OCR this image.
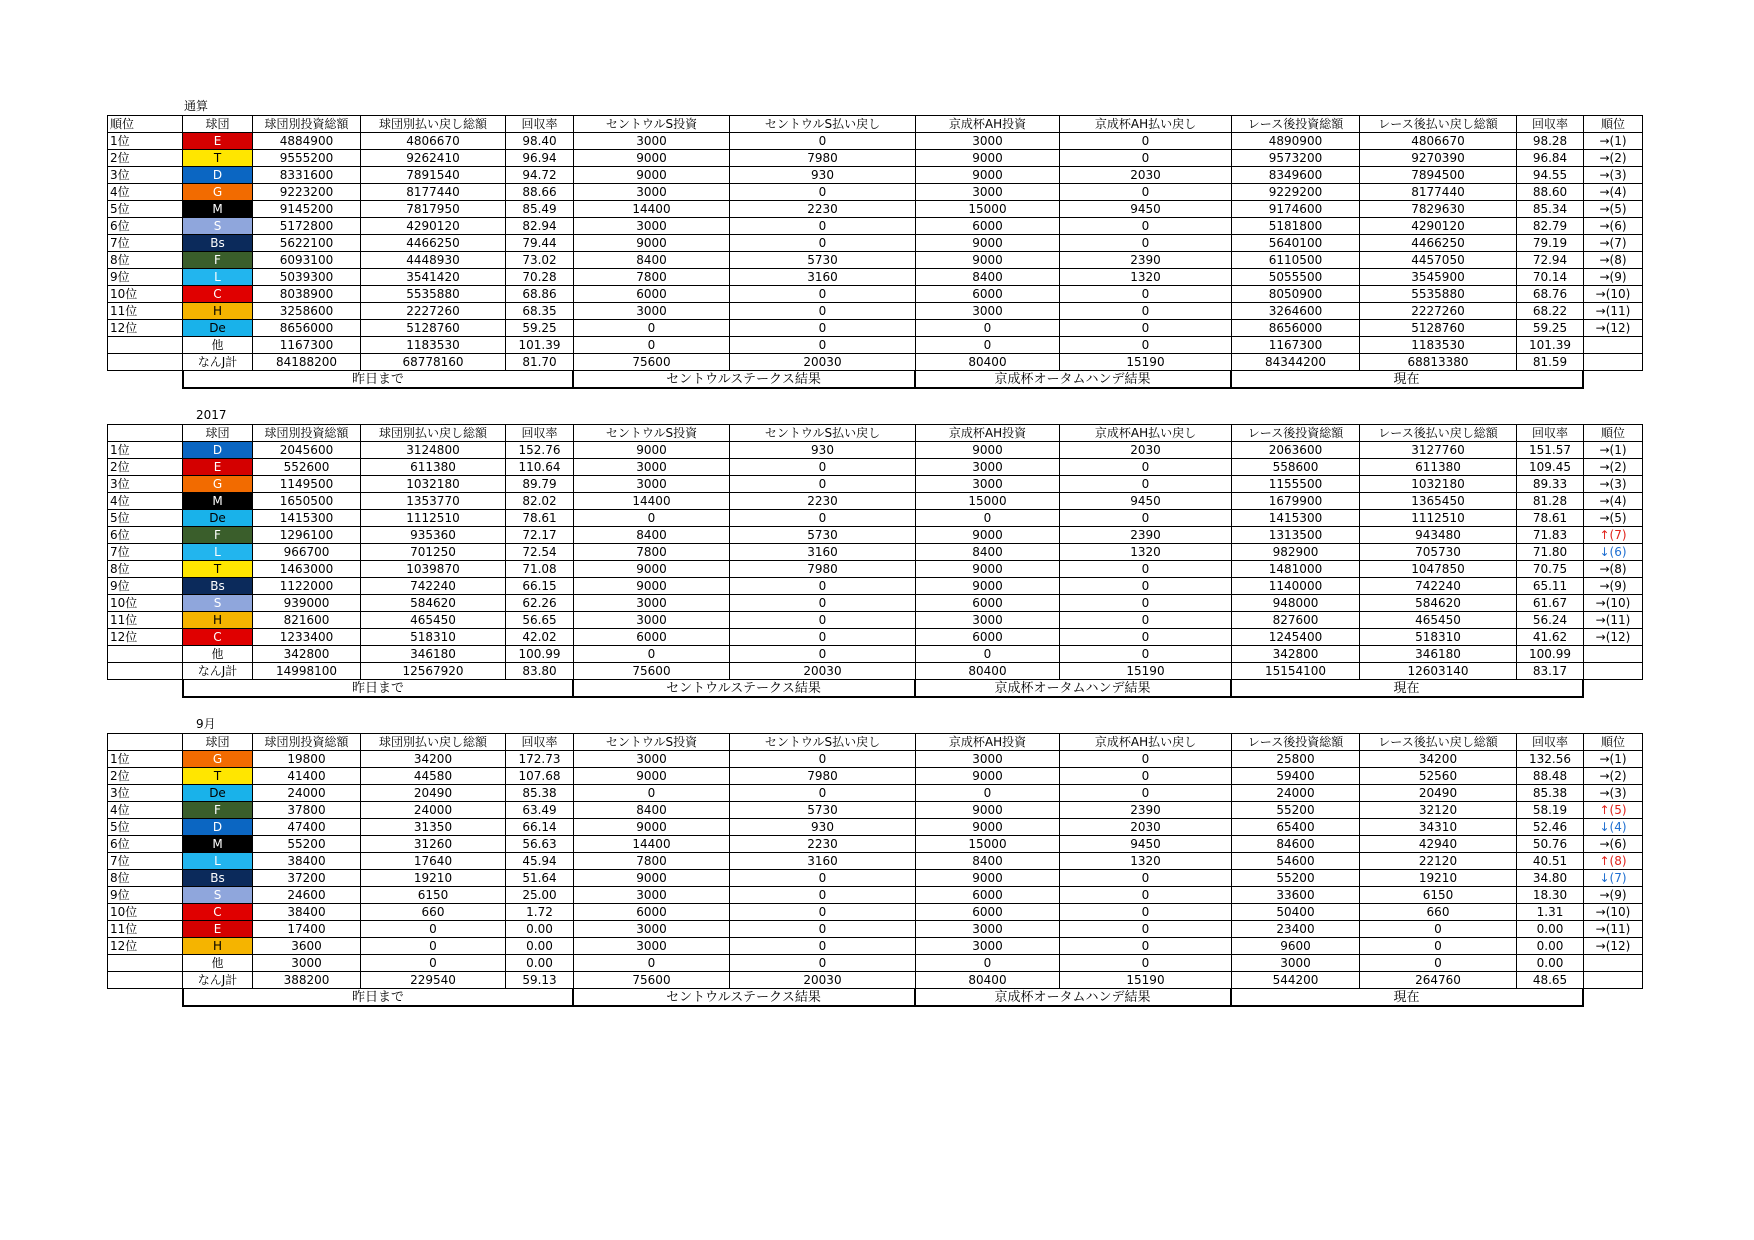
通算
順位	球団	球団別投資総額	球団別払い戻し総額	回収率	セントウルS投資	セントウルS払い戻し	京成杯AH投資	京成杯AH払い戻し	レース後投資総額	レース後払い戻し総額	回収率	順位
1位	E	4884900	4806670	98.40	3000	0	3000	0	4890900	4806670	98.28	→(1)
2位	T	9555200	9262410	96.94	9000	7980	9000	0	9573200	9270390	96.84	→(2)
3位	D	8331600	7891540	94.72	9000	930	9000	2030	8349600	7894500	94.55	→(3)
4位	G	9223200	8177440	88.66	3000	0	3000	0	9229200	8177440	88.60	→(4)
5位	M	9145200	7817950	85.49	14400	2230	15000	9450	9174600	7829630	85.34	→(5)
6位	S	5172800	4290120	82.94	3000	0	6000	0	5181800	4290120	82.79	→(6)
7位	Bs	5622100	4466250	79.44	9000	0	9000	0	5640100	4466250	79.19	→(7)
8位	F	6093100	4448930	73.02	8400	5730	9000	2390	6110500	4457050	72.94	→(8)
9位	L	5039300	3541420	70.28	7800	3160	8400	1320	5055500	3545900	70.14	→(9)
10位	C	8038900	5535880	68.86	6000	0	6000	0	8050900	5535880	68.76	→(10)
11位	H	3258600	2227260	68.35	3000	0	3000	0	3264600	2227260	68.22	→(11)
12位	De	8656000	5128760	59.25	0	0	0	0	8656000	5128760	59.25	→(12)
	他	1167300	1183530	101.39	0	0	0	0	1167300	1183530	101.39	
	なんJ計	84188200	68778160	81.70	75600	20030	80400	15190	84344200	68813380	81.59	
昨日まで	セントウルステークス結果	京成杯オータムハンデ結果	現在
2017
	球団	球団別投資総額	球団別払い戻し総額	回収率	セントウルS投資	セントウルS払い戻し	京成杯AH投資	京成杯AH払い戻し	レース後投資総額	レース後払い戻し総額	回収率	順位
1位	D	2045600	3124800	152.76	9000	930	9000	2030	2063600	3127760	151.57	→(1)
2位	E	552600	611380	110.64	3000	0	3000	0	558600	611380	109.45	→(2)
3位	G	1149500	1032180	89.79	3000	0	3000	0	1155500	1032180	89.33	→(3)
4位	M	1650500	1353770	82.02	14400	2230	15000	9450	1679900	1365450	81.28	→(4)
5位	De	1415300	1112510	78.61	0	0	0	0	1415300	1112510	78.61	→(5)
6位	F	1296100	935360	72.17	8400	5730	9000	2390	1313500	943480	71.83	↑(7)
7位	L	966700	701250	72.54	7800	3160	8400	1320	982900	705730	71.80	↓(6)
8位	T	1463000	1039870	71.08	9000	7980	9000	0	1481000	1047850	70.75	→(8)
9位	Bs	1122000	742240	66.15	9000	0	9000	0	1140000	742240	65.11	→(9)
10位	S	939000	584620	62.26	3000	0	6000	0	948000	584620	61.67	→(10)
11位	H	821600	465450	56.65	3000	0	3000	0	827600	465450	56.24	→(11)
12位	C	1233400	518310	42.02	6000	0	6000	0	1245400	518310	41.62	→(12)
	他	342800	346180	100.99	0	0	0	0	342800	346180	100.99	
	なんJ計	14998100	12567920	83.80	75600	20030	80400	15190	15154100	12603140	83.17	
昨日まで	セントウルステークス結果	京成杯オータムハンデ結果	現在
9月
	球団	球団別投資総額	球団別払い戻し総額	回収率	セントウルS投資	セントウルS払い戻し	京成杯AH投資	京成杯AH払い戻し	レース後投資総額	レース後払い戻し総額	回収率	順位
1位	G	19800	34200	172.73	3000	0	3000	0	25800	34200	132.56	→(1)
2位	T	41400	44580	107.68	9000	7980	9000	0	59400	52560	88.48	→(2)
3位	De	24000	20490	85.38	0	0	0	0	24000	20490	85.38	→(3)
4位	F	37800	24000	63.49	8400	5730	9000	2390	55200	32120	58.19	↑(5)
5位	D	47400	31350	66.14	9000	930	9000	2030	65400	34310	52.46	↓(4)
6位	M	55200	31260	56.63	14400	2230	15000	9450	84600	42940	50.76	→(6)
7位	L	38400	17640	45.94	7800	3160	8400	1320	54600	22120	40.51	↑(8)
8位	Bs	37200	19210	51.64	9000	0	9000	0	55200	19210	34.80	↓(7)
9位	S	24600	6150	25.00	3000	0	6000	0	33600	6150	18.30	→(9)
10位	C	38400	660	1.72	6000	0	6000	0	50400	660	1.31	→(10)
11位	E	17400	0	0.00	3000	0	3000	0	23400	0	0.00	→(11)
12位	H	3600	0	0.00	3000	0	3000	0	9600	0	0.00	→(12)
	他	3000	0	0.00	0	0	0	0	3000	0	0.00	
	なんJ計	388200	229540	59.13	75600	20030	80400	15190	544200	264760	48.65	
昨日まで	セントウルステークス結果	京成杯オータムハンデ結果	現在
